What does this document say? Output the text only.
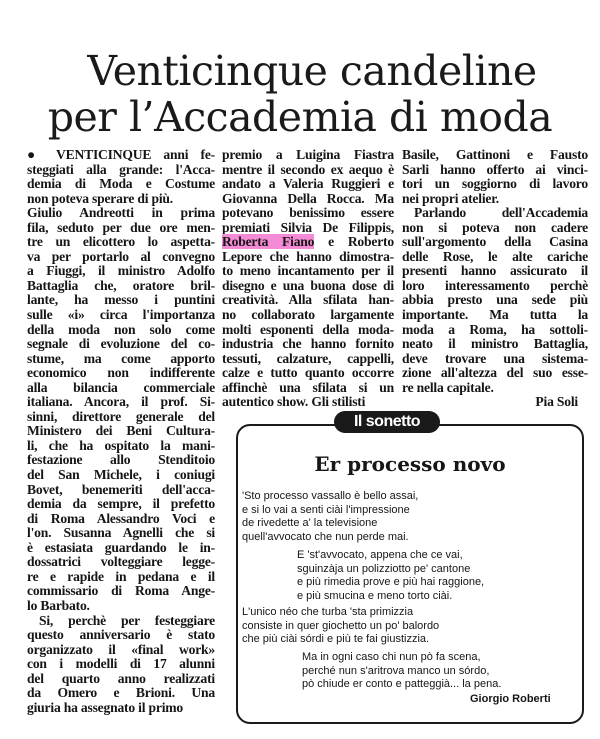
Venticinque candeline
per l’Accademia di moda
● VENTICINQUE anni fe-
steggiati alla grande: l'Acca-
demia di Moda e Costume
non poteva sperare di più.
Giulio Andreotti in prima
fila, seduto per due ore men-
tre un elicottero lo aspetta-
va per portarlo al convegno
a Fiuggi, il ministro Adolfo
Battaglia che, oratore bril-
lante, ha messo i puntini
sulle «i» circa l'importanza
della moda non solo come
segnale di evoluzione del co-
stume, ma come apporto
economico non indifferente
alla bilancia commerciale
italiana. Ancora, il prof. Si-
sinni, direttore generale del
Ministero dei Beni Cultura-
li, che ha ospitato la mani-
festazione allo Stenditoio
del San Michele, i coniugi
Bovet, benemeriti dell'acca-
demia da sempre, il prefetto
di Roma Alessandro Voci e
l'on. Susanna Agnelli che si
è estasiata guardando le in-
dossatrici volteggiare legge-
re e rapide in pedana e il
commissario di Roma Ange-
lo Barbato.
Si, perchè per festeggiare
questo anniversario è stato
organizzato il «final work»
con i modelli di 17 alunni
del quarto anno realizzati
da Omero e Brioni. Una
giuria ha assegnato il primo
premio a Luigina Fiastra
mentre il secondo ex aequo è
andato a Valeria Ruggieri e
Giovanna Della Rocca. Ma
potevano benissimo essere
premiati Silvia De Filippis,
Roberta Fiano e Roberto
Lepore che hanno dimostra-
to meno incantamento per il
disegno e una buona dose di
creatività. Alla sfilata han-
no collaborato largamente
molti esponenti della moda-
industria che hanno fornito
tessuti, calzature, cappelli,
calze e tutto quanto occorre
affinchè una sfilata si un
autentico show. Gli stilisti
Basile, Gattinoni e Fausto
Sarli hanno offerto ai vinci-
tori un soggiorno di lavoro
nei propri atelier.
Parlando dell'Accademia
non si poteva non cadere
sull'argomento della Casina
delle Rose, le alte cariche
presenti hanno assicurato il
loro interessamento perchè
abbia presto una sede più
importante. Ma tutta la
moda a Roma, ha sottoli-
neato il ministro Battaglia,
deve trovare una sistema-
zione all'altezza del suo esse-
re nella capitale.
Pia Soli
Il sonetto
Er processo novo
'Sto processo vassallo è bello assai,
e si lo vai a senti ciài l'impressione
de rivedette a' la televisione
quell'avvocato che nun perde mai.
E 'st'avvocato, appena che ce vai,
sguinzàja un polizziotto pe' cantone
e più rimedia prove e più hai raggione,
e più smucina e meno torto ciài.
L'unico néo che turba 'sta primizzia
consiste in quer giochetto un po' balordo
che più ciài sórdi e più te fai giustizzia.
Ma in ogni caso chi nun pò fa scena,
perché nun s'aritrova manco un sórdo,
pò chiude er conto e patteggià... la pena.
Giorgio Roberti
